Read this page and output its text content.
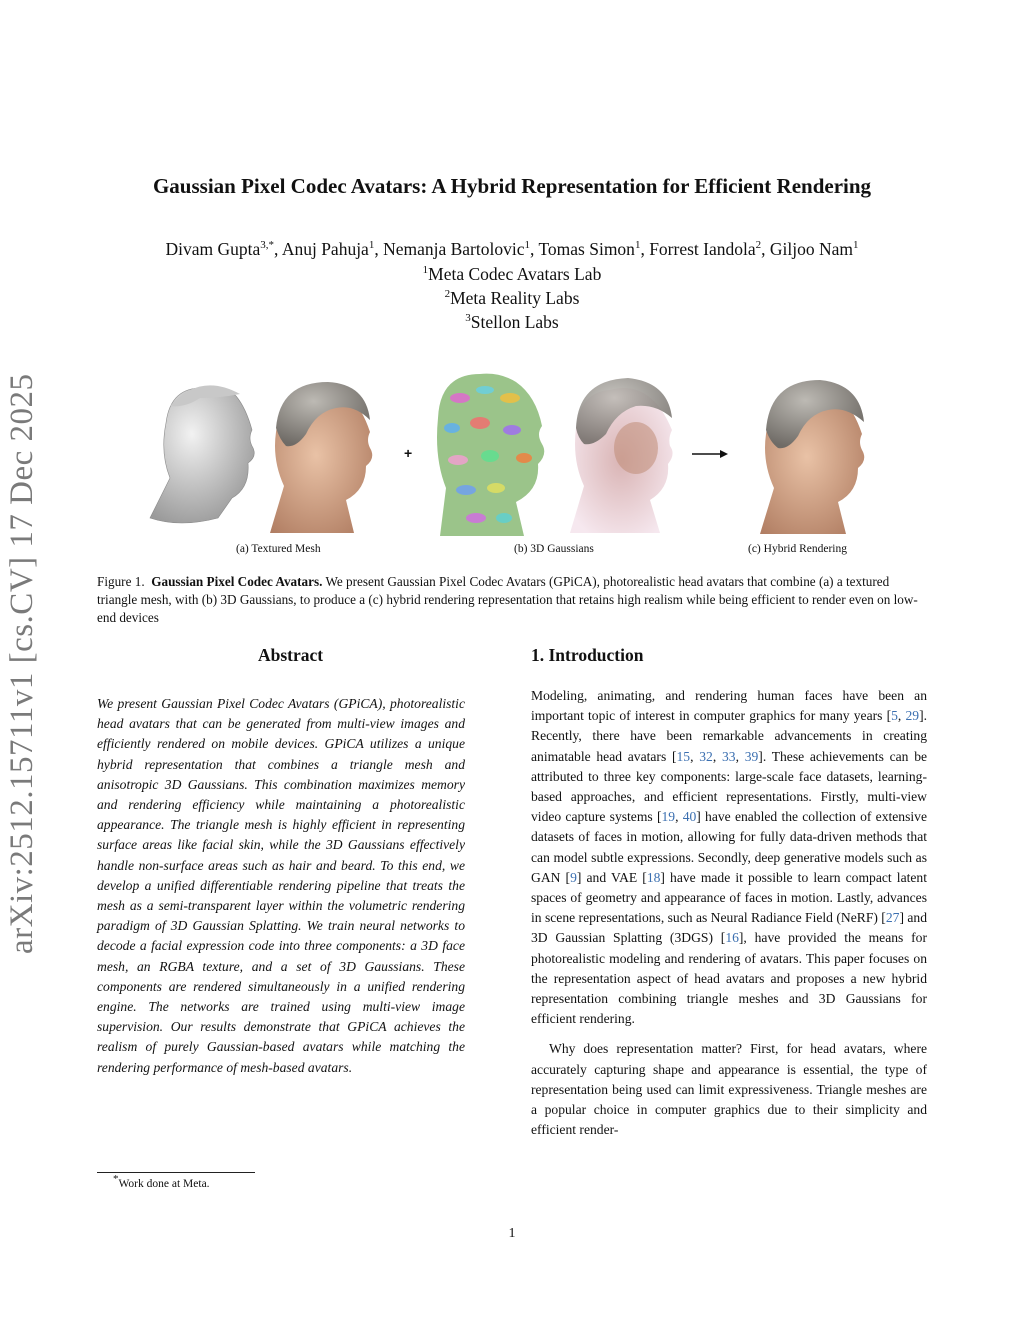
arXiv:2512.15711v1 [cs.CV] 17 Dec 2025
Gaussian Pixel Codec Avatars: A Hybrid Representation for Efficient Rendering
Divam Gupta$^{3,*}$, Anuj Pahuja$^1$, Nemanja Bartolovic$^1$, Tomas Simon$^1$, Forrest Iandola$^2$, Giljoo Nam$^1$
$^1$Meta Codec Avatars Lab
$^2$Meta Reality Labs
$^3$Stellon Labs
+
(a) Textured Mesh	(b) 3D Gaussians	(c) Hybrid Rendering
Figure 1. Gaussian Pixel Codec Avatars. We present Gaussian Pixel Codec Avatars (GPiCA), photorealistic head avatars that combine (a) a textured triangle mesh, with (b) 3D Gaussians, to produce a (c) hybrid rendering representation that retains high realism while being efficient to render even on low-end devices
Abstract
We present Gaussian Pixel Codec Avatars (GPiCA), photorealistic head avatars that can be generated from multi-view images and efficiently rendered on mobile devices. GPiCA utilizes a unique hybrid representation that combines a triangle mesh and anisotropic 3D Gaussians. This combination maximizes memory and rendering efficiency while maintaining a photorealistic appearance. The triangle mesh is highly efficient in representing surface areas like facial skin, while the 3D Gaussians effectively handle non-surface areas such as hair and beard. To this end, we develop a unified differentiable rendering pipeline that treats the mesh as a semi-transparent layer within the volumetric rendering paradigm of 3D Gaussian Splatting. We train neural networks to decode a facial expression code into three components: a 3D face mesh, an RGBA texture, and a set of 3D Gaussians. These components are rendered simultaneously in a unified rendering engine. The networks are trained using multi-view image supervision. Our results demonstrate that GPiCA achieves the realism of purely Gaussian-based avatars while matching the rendering performance of mesh-based avatars.
1. Introduction

Modeling, animating, and rendering human faces have been an important topic of interest in computer graphics for many years [5, 29]. Recently, there have been remarkable advancements in creating animatable head avatars [15, 32, 33, 39]. These achievements can be attributed to three key components: large-scale face datasets, learning-based approaches, and efficient representations. Firstly, multi-view video capture systems [19, 40] have enabled the collection of extensive datasets of faces in motion, allowing for fully data-driven methods that can model subtle expressions. Secondly, deep generative models such as GAN [9] and VAE [18] have made it possible to learn compact latent spaces of geometry and appearance of faces in motion. Lastly, advances in scene representations, such as Neural Radiance Field (NeRF) [27] and 3D Gaussian Splatting (3DGS) [16], have provided the means for photorealistic modeling and rendering of avatars. This paper focuses on the representation aspect of head avatars and proposes a new hybrid representation combining triangle meshes and 3D Gaussians for efficient rendering.

Why does representation matter? First, for head avatars, where accurately capturing shape and appearance is essential, the type of representation being used can limit expressiveness. Triangle meshes are a popular choice in computer graphics due to their simplicity and efficient render-

*Work done at Meta.
1
